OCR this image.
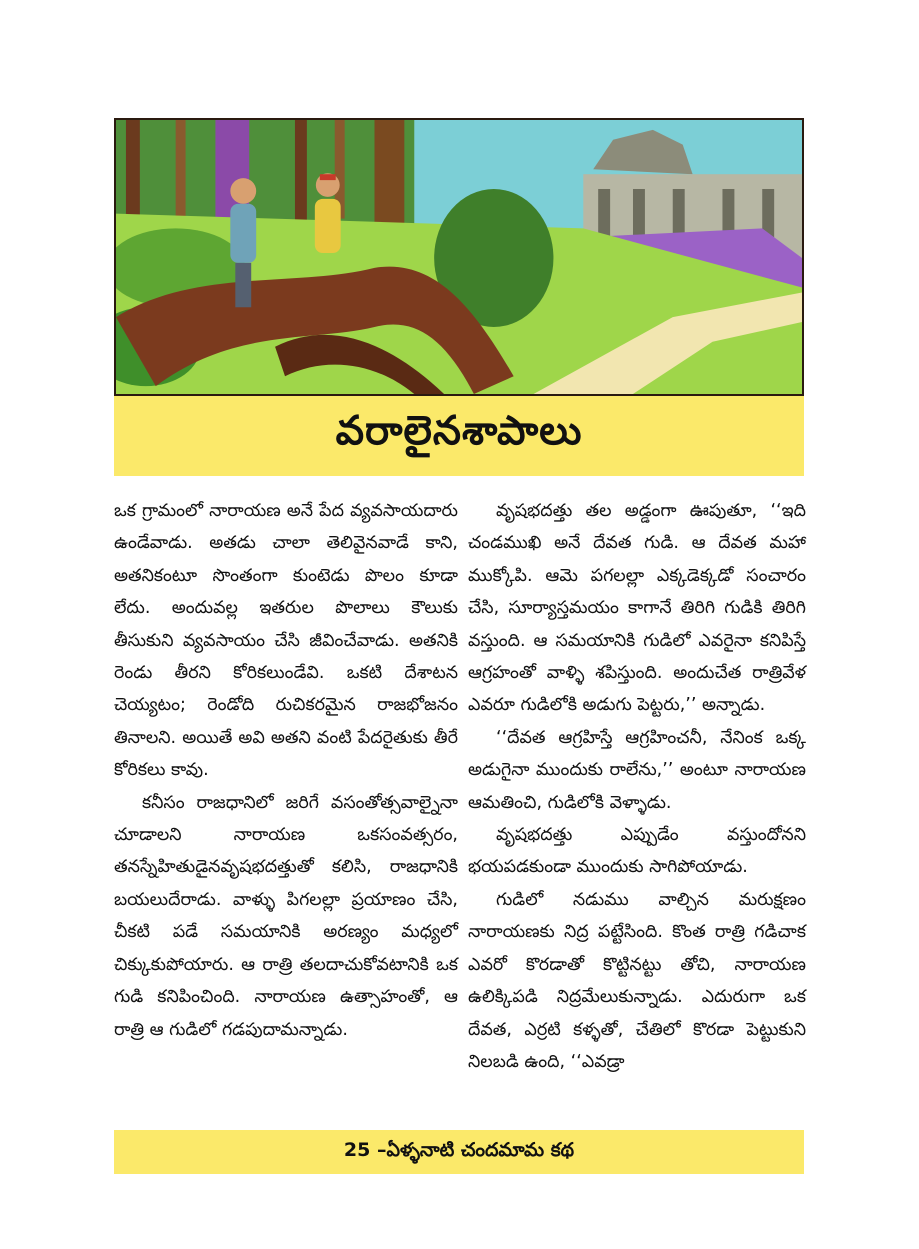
వరాలైనశాపాలు

ఒక గ్రామంలో నారాయణ అనే పేద వ్యవసాయదారు ఉండేవాడు. అతడు చాలా తెలివైనవాడే కాని, అతనికంటూ సొంతంగా కుంటెడు పొలం కూడా లేదు. అందువల్ల ఇతరుల పొలాలు కౌలుకు తీసుకుని వ్యవసాయం చేసి జీవించేవాడు. అతనికి రెండు తీరని కోరికలుండేవి. ఒకటి దేశాటన చెయ్యటం; రెండోది రుచికరమైన రాజభోజనం తినాలని. అయితే అవి అతని వంటి పేదరైతుకు తీరే కోరికలు కావు.

కనీసం రాజధానిలో జరిగే వసంతోత్సవాల్నైనా చూడాలని నారాయణ ఒకసంవత్సరం, తనస్నేహితుడైనవృషభదత్తుతో కలిసి, రాజధానికి బయలుదేరాడు. వాళ్ళు పిగలల్లా ప్రయాణం చేసి, చీకటి పడే సమయానికి అరణ్యం మధ్యలో చిక్కుకుపోయారు. ఆ రాత్రి తలదాచుకోవటానికి ఒక గుడి కనిపించింది. నారాయణ ఉత్సాహంతో, ఆ రాత్రి ఆ గుడిలో గడపుదామన్నాడు.

వృషభదత్తు తల అడ్డంగా ఊపుతూ, ‘‘ఇది చండముఖి అనే దేవత గుడి. ఆ దేవత మహా ముక్కోపి. ఆమె పగలల్లా ఎక్కడెక్కడో సంచారం చేసి, సూర్యాస్తమయం కాగానే తిరిగి గుడికి తిరిగి వస్తుంది. ఆ సమయానికి గుడిలో ఎవరైనా కనిపిస్తే ఆగ్రహంతో వాళ్ళి శపిస్తుంది. అందుచేత రాత్రివేళ ఎవరూ గుడిలోకి అడుగు పెట్టరు,’’ అన్నాడు.

‘‘దేవత ఆగ్రహిస్తే ఆగ్రహించనీ, నేనింక ఒక్క అడుగైనా ముందుకు రాలేను,’’ అంటూ నారాయణ ఆమతించి, గుడిలోకి వెళ్ళాడు.

వృషభదత్తు ఎప్పుడేం వస్తుందోనని భయపడకుండా ముందుకు సాగిపోయాడు.

గుడిలో నడుము వాల్చిన మరుక్షణం నారాయణకు నిద్ర పట్టేసింది. కొంత రాత్రి గడిచాక ఎవరో కొరడాతో కొట్టినట్టు తోచి, నారాయణ ఉలిక్కిపడి నిద్రమేలుకున్నాడు. ఎదురుగా ఒక దేవత, ఎర్రటి కళ్ళతో, చేతిలో కొరడా పెట్టుకుని నిలబడి ఉంది, ‘‘ఎవడ్రా

25 –ఏళ్ళనాటి చందమామ కథ
